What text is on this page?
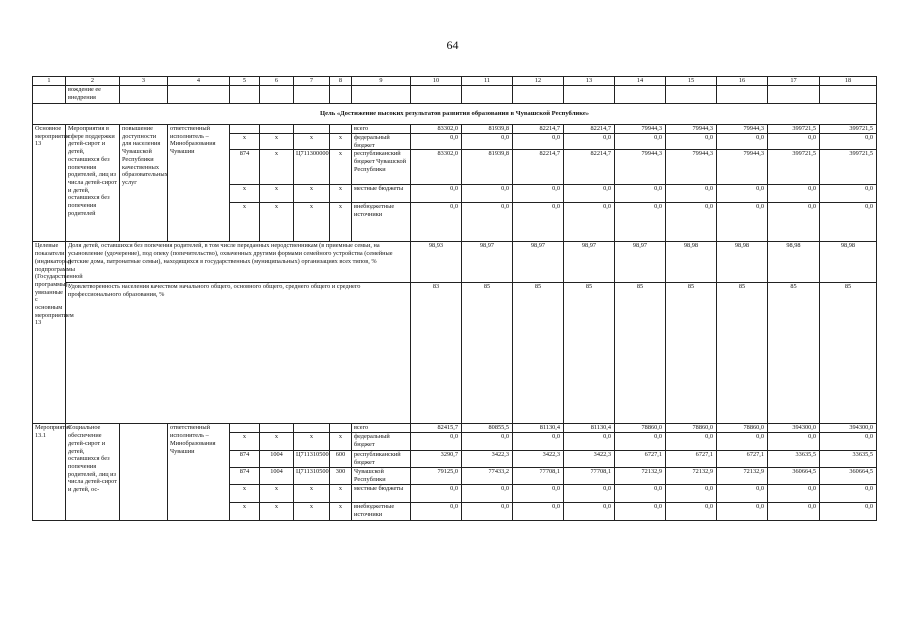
64
1	2	3	4	5	6	7	8	9	10	11	12	13	14	15	16	17	18
	вождение ее внедрения																
Цель «Достижение высоких результатов развития образования в Чувашской Республике»																	
Основное мероприятие 13	Мероприятия в сфере поддержки детей-сирот и детей, оставшихся без попечения родителей, лиц из числа детей-сирот и детей, оставшихся без попечения родителей	повышение доступности для населения Чувашской Республики качественных образовательных услуг	ответственный исполнитель – Минобразования Чувашии					всего	83302,0	81939,8	82214,7	82214,7	79944,3	79944,3	79944,3	399721,5	399721,5
				x	x	x	x	федеральный бюджет	0,0	0,0	0,0	0,0	0,0	0,0	0,0	0,0	0,0
				874	x	Ц711300000	x	республиканский бюджет Чувашской Республики	83302,0	81939,8	82214,7	82214,7	79944,3	79944,3	79944,3	399721,5	399721,5
				x	x	x	x	местные бюджеты	0,0	0,0	0,0	0,0	0,0	0,0	0,0	0,0	0,0
				x	x	x	x	внебюджетные источники	0,0	0,0	0,0	0,0	0,0	0,0	0,0	0,0	0,0
Целевые показатели (индикаторы) подпрограммы (Государственной программы), увязанные с основным мероприятием 13	Доля детей, оставшихся без попечения родителей, в том числе переданных неродственникам (в приемные семьи, на усыновление (удочерение), под опеку (попечительство), охваченных другими формами семейного устройства (семейные детские дома, патронатные семьи), находящихся в государственных (муниципальных) организациях всех типов, %								98,93	98,97	98,97	98,97	98,97	98,98	98,98	98,98	98,98
	Удовлетворенность населения качеством начального общего, основного общего, среднего общего и среднего профессионального образования, %								83	85	85	85	85	85	85	85	85
Мероприятие 13.1	Социальное обеспечение детей-сирот и детей, оставшихся без попечения родителей, лиц из числа детей-сирот и детей, ос-		ответственный исполнитель – Минобразования Чувашии					всего	82415,7	80855,5	81130,4	81130,4	78860,0	78860,0	78860,0	394300,0	394300,0
				x	x	x	x	федеральный бюджет	0,0	0,0	0,0	0,0	0,0	0,0	0,0	0,0	0,0
				874	1004	Ц711310500	600	республиканский бюджет	3290,7	3422,3	3422,3	3422,3	6727,1	6727,1	6727,1	33635,5	33635,5
				874	1004	Ц711310500	300	Чувашской Республики	79125,0	77433,2	77708,1	77708,1	72132,9	72132,9	72132,9	360664,5	360664,5
				x	x	x	x	местные бюджеты	0,0	0,0	0,0	0,0	0,0	0,0	0,0	0,0	0,0
				x	x	x	x	внебюджетные источники	0,0	0,0	0,0	0,0	0,0	0,0	0,0	0,0	0,0
